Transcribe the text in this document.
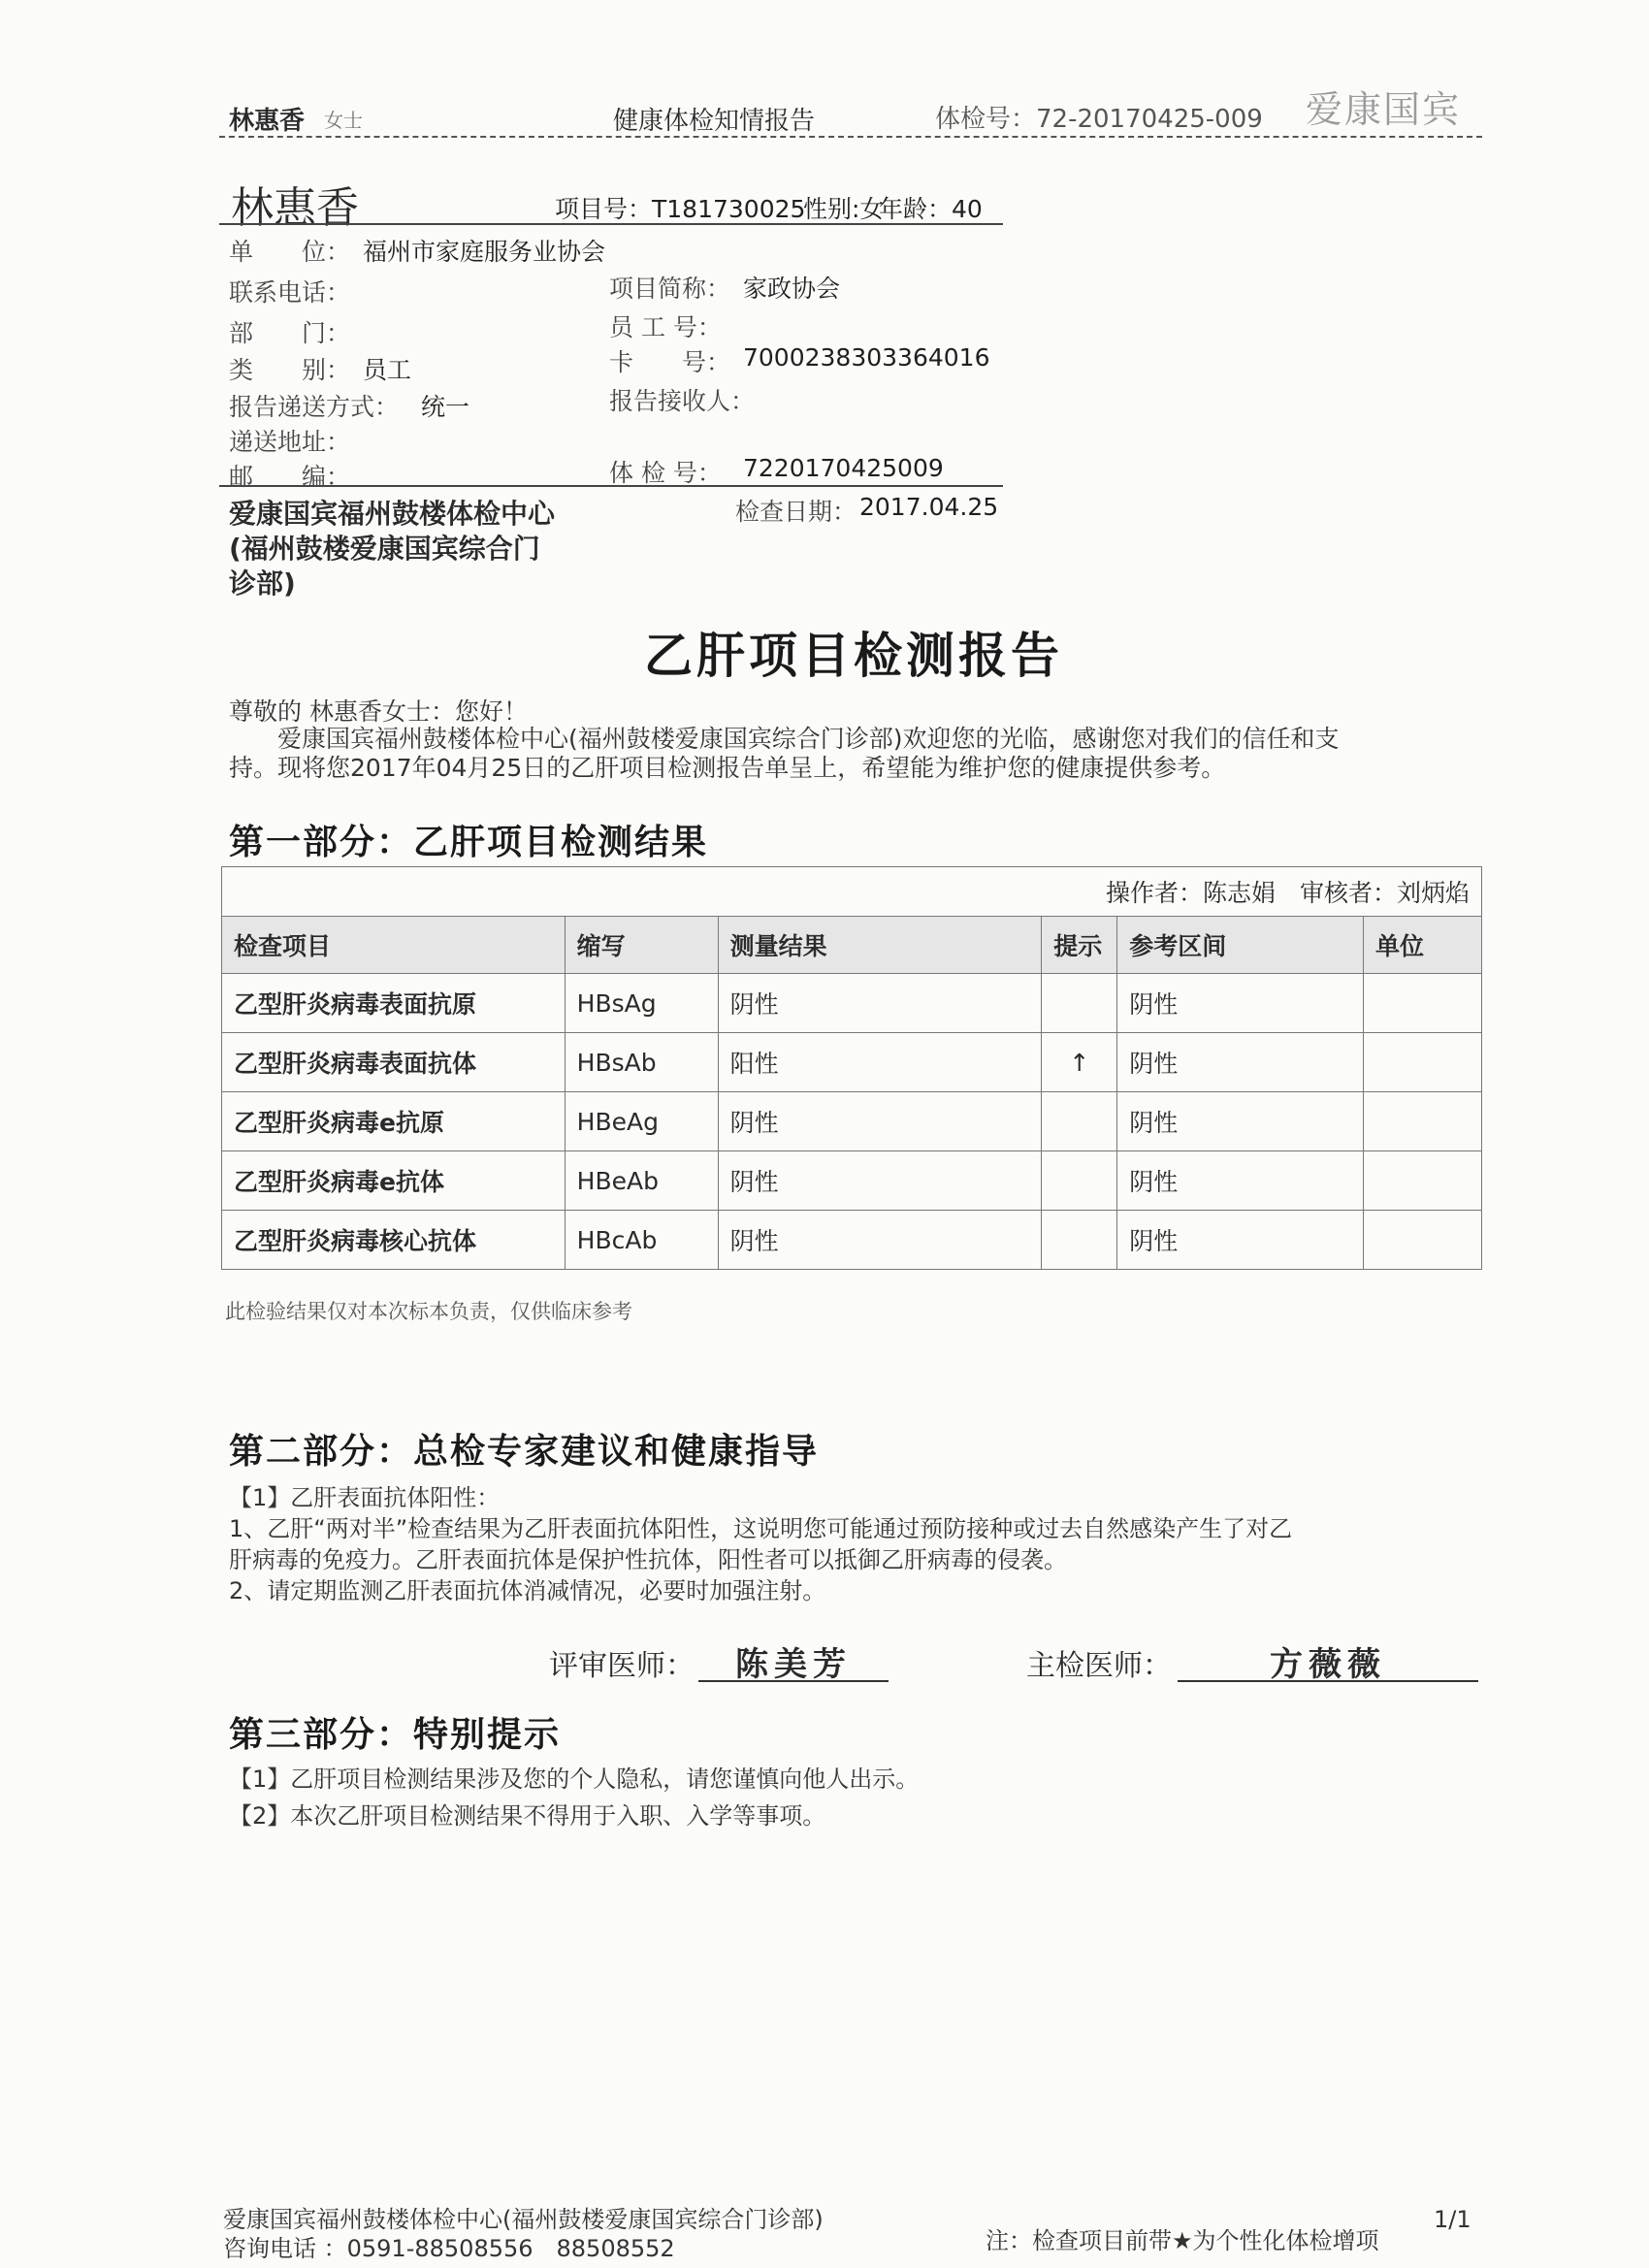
林惠香 女士	健康体检知情报告	体检号：72-20170425-009 爱康国宾
林惠香	项目号：T181730025
性别:女
年龄：40
单　　位： 福州市家庭服务业协会
联系电话：
部　　门：
类　　别： 员工
报告递送方式： 统一
递送地址：
邮　　编：
项目简称： 家政协会
员 工 号：
卡　　号： 7000238303364016
报告接收人：
体 检 号： 7220170425009
检查日期： 2017.04.25
爱康国宾福州鼓楼体检中心
(福州鼓楼爱康国宾综合门
诊部)
乙肝项目检测报告
尊敬的 林惠香女士：您好！
爱康国宾福州鼓楼体检中心(福州鼓楼爱康国宾综合门诊部)欢迎您的光临，感谢您对我们的信任和支
持。现将您2017年04月25日的乙肝项目检测报告单呈上，希望能为维护您的健康提供参考。
第一部分：乙肝项目检测结果
操作者：陈志娟　审核者：刘炳焰					
检查项目	缩写	测量结果	提示	参考区间	单位
乙型肝炎病毒表面抗原	HBsAg	阴性		阴性	
乙型肝炎病毒表面抗体	HBsAb	阳性	↑	阴性	
乙型肝炎病毒e抗原	HBeAg	阴性		阴性	
乙型肝炎病毒e抗体	HBeAb	阴性		阴性	
乙型肝炎病毒核心抗体	HBcAb	阴性		阴性	
此检验结果仅对本次标本负责，仅供临床参考
第二部分：总检专家建议和健康指导
【1】乙肝表面抗体阳性：
1、乙肝“两对半”检查结果为乙肝表面抗体阳性，这说明您可能通过预防接种或过去自然感染产生了对乙
肝病毒的免疫力。乙肝表面抗体是保护性抗体，阳性者可以抵御乙肝病毒的侵袭。
2、请定期监测乙肝表面抗体消减情况，必要时加强注射。
评审医师：	陈美芳	主检医师：	方薇薇
第三部分：特别提示
【1】乙肝项目检测结果涉及您的个人隐私，请您谨慎向他人出示。
【2】本次乙肝项目检测结果不得用于入职、入学等事项。
爱康国宾福州鼓楼体检中心(福州鼓楼爱康国宾综合门诊部)
咨询电话 ：0591-88508556　88508552	注：检查项目前带★为个性化体检增项
1/1
